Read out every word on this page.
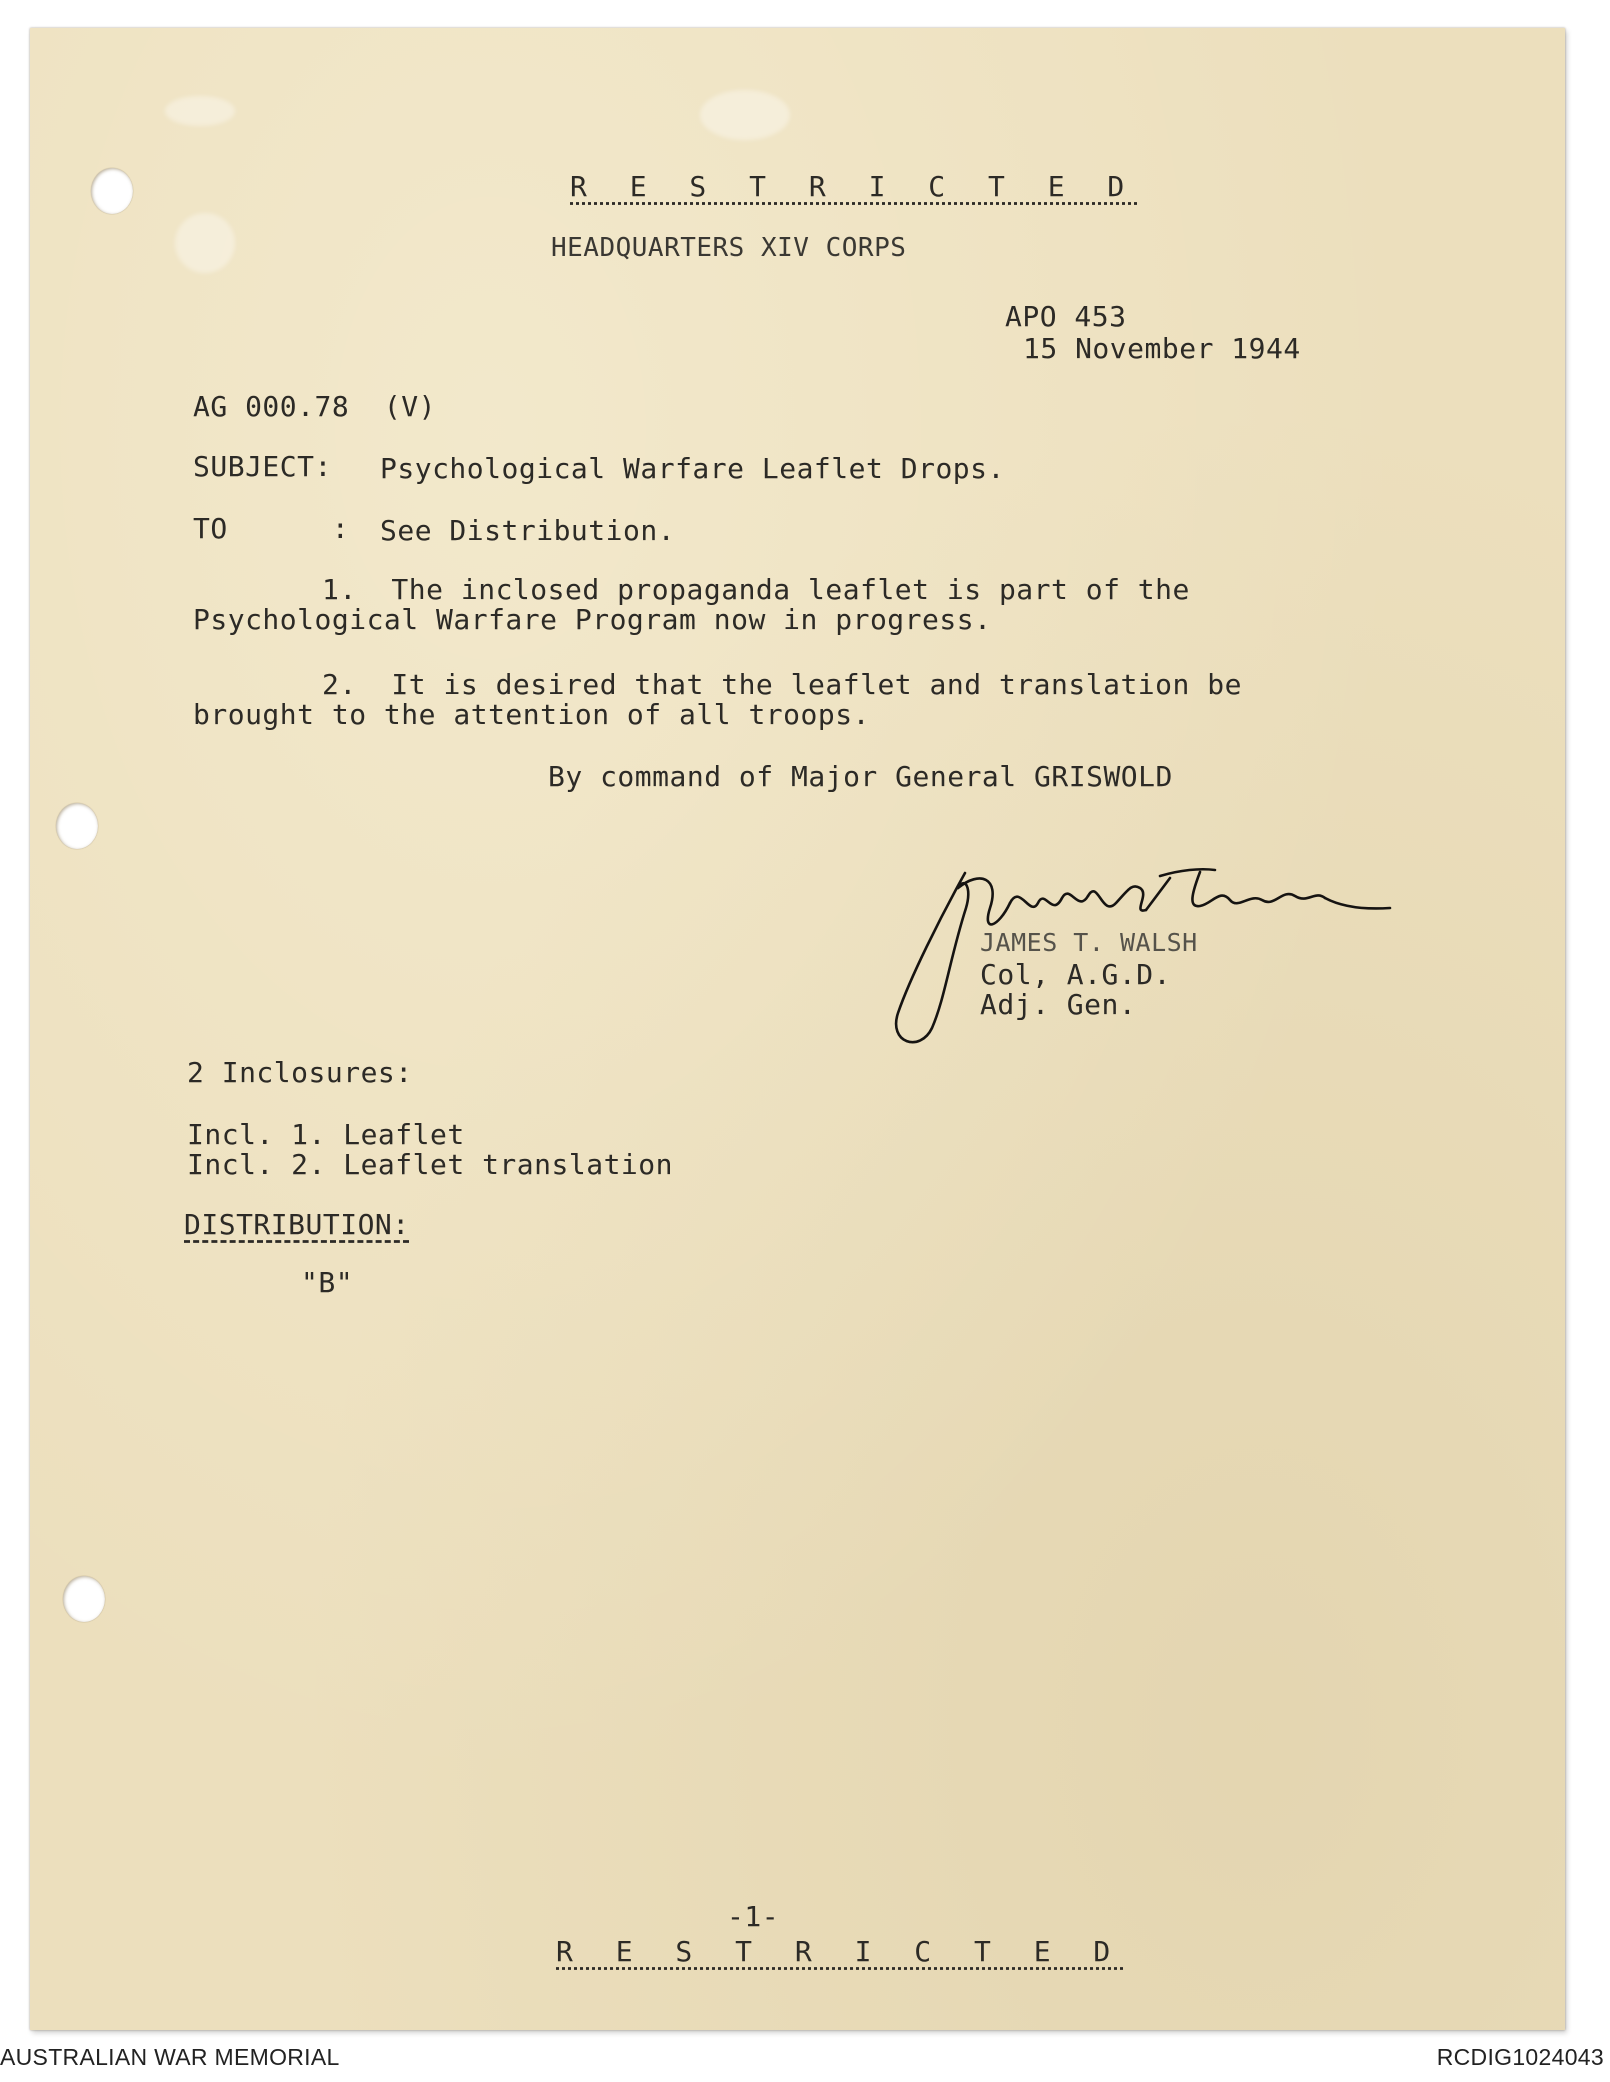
R E S T R I C T E D
HEADQUARTERS XIV CORPS
APO 453
15 November 1944
AG 000.78  (V)
SUBJECT: Psychological Warfare Leaflet Drops.
TO      : See Distribution.
1.  The inclosed propaganda leaflet is part of the
Psychological Warfare Program now in progress.
2.  It is desired that the leaflet and translation be
brought to the attention of all troops.
By command of Major General GRISWOLD
JAMES T. WALSH
Col, A.G.D.
Adj. Gen.
2 Inclosures:
Incl. 1. Leaflet
Incl. 2. Leaflet translation
DISTRIBUTION:
"B"
-1-
R E S T R I C T E D
AUSTRALIAN WAR MEMORIAL	RCDIG1024043
